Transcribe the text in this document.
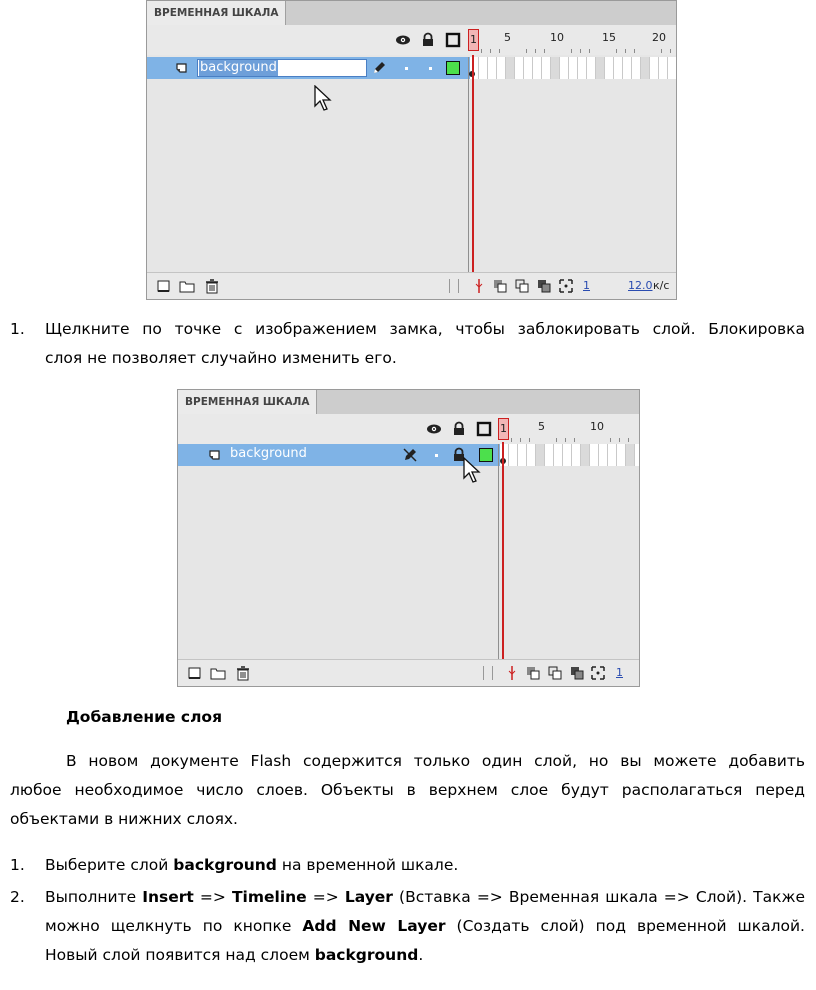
ВРЕМЕННАЯ ШКАЛА
1 5	10	15	20
background
1	12.0 к/с
1. Щелкните по точке с изображением замка, чтобы заблокировать слой. Блокировка
слоя не позволяет случайно изменить его.
ВРЕМЕННАЯ ШКАЛА
1	5	10
background
1
Добавление слоя
В новом документе Flash содержится только один слой, но вы можете добавить
любое необходимое число слоев. Объекты в верхнем слое будут располагаться перед
объектами в нижних слоях.
1. Выберите слой background на временной шкале.
2. Выполните Insert => Timeline => Layer (Вставка => Временная шкала => Слой). Также
можно щелкнуть по кнопке Add New Layer (Создать слой) под временной шкалой.
Новый слой появится над слоем background.
